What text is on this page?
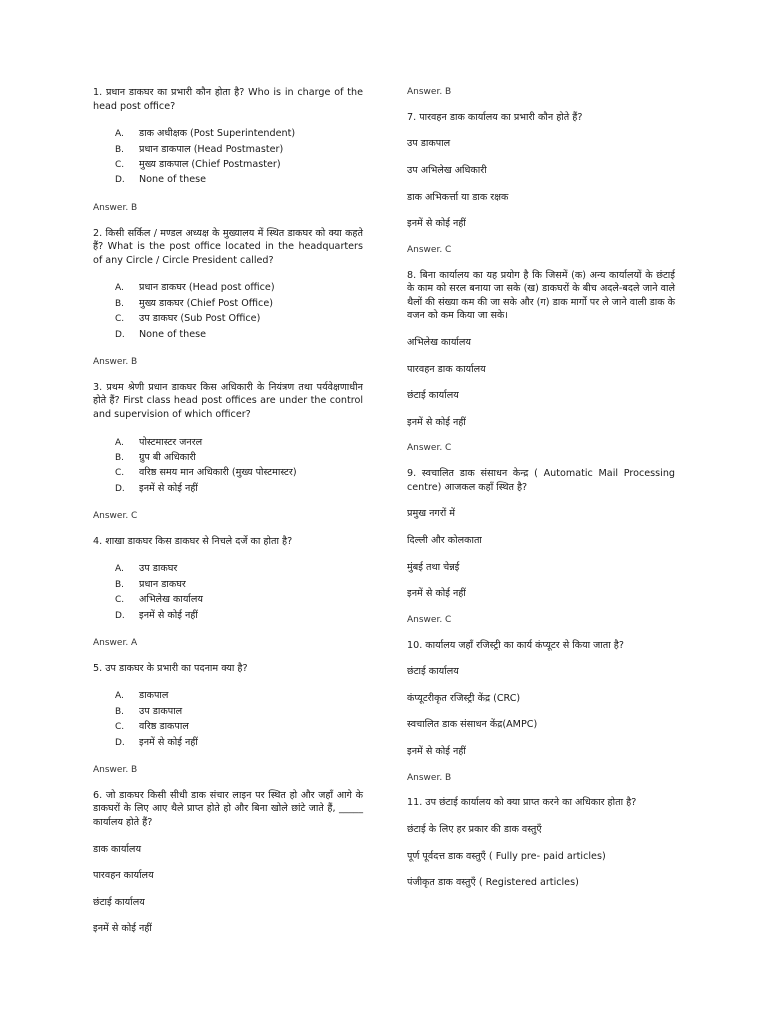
1. प्रधान डाकघर का प्रभारी कौन होता है? Who is in charge of the head post office?

A.	डाक अधीक्षक (Post Superintendent)
B.	प्रधान डाकपाल (Head Postmaster)
C.	मुख्य डाकपाल (Chief Postmaster)
D.	None of these

Answer. B

2. किसी सर्किल / मण्डल अध्यक्ष के मुख्यालय में स्थित डाकघर को क्या कहते हैं? What is the post office located in the headquarters of any Circle / Circle President called?

A.	प्रधान डाकघर (Head post office)
B.	मुख्य डाकघर (Chief Post Office)
C.	उप डाकघर (Sub Post Office)
D.	None of these

Answer. B

3. प्रथम श्रेणी प्रधान डाकघर किस अधिकारी के नियंत्रण तथा पर्यवेक्षणाधीन होते हैं? First class head post offices are under the control and supervision of which officer?

A.	पोस्टमास्टर जनरल
B.	ग्रुप बी अधिकारी
C.	वरिष्ठ समय मान अधिकारी (मुख्य पोस्टमास्टर)
D.	इनमें से कोई नहीं

Answer. C

4. शाखा डाकघर किस डाकघर से निचले दर्जे का होता है?

A.	उप डाकघर
B.	प्रधान डाकघर
C.	अभिलेख कार्यालय
D.	इनमें से कोई नहीं

Answer. A

5. उप डाकघर के प्रभारी का पदनाम क्या है?

A.	डाकपाल
B.	उप डाकपाल
C.	वरिष्ठ डाकपाल
D.	इनमें से कोई नहीं

Answer. B

6. जो डाकघर किसी सीधी डाक संचार लाइन पर स्थित हो और जहाँ आगे के डाकघरों के लिए आए थैले प्राप्त होते हो और बिना खोले छांटे जाते हैं, _____ कार्यालय होते हैं?

डाक कार्यालय

पारवहन कार्यालय

छंटाई कार्यालय

इनमें से कोई नहीं

Answer. B

7. पारवहन डाक कार्यालय का प्रभारी कौन होते हैं?

उप डाकपाल

उप अभिलेख अधिकारी

डाक अभिकर्त्ता या डाक रक्षक

इनमें से कोई नहीं

Answer. C

8. बिना कार्यालय का यह प्रयोग है कि जिसमें (क) अन्य कार्यालयों के छंटाई के काम को सरल बनाया जा सके (ख) डाकघरों के बीच अदले-बदले जाने वाले थैलों की संख्या कम की जा सके और (ग) डाक मार्गो पर ले जाने वाली डाक के वजन को कम किया जा सके।

अभिलेख कार्यालय

पारवहन डाक कार्यालय

छंटाई कार्यालय

इनमें से कोई नहीं

Answer. C

9. स्वचालित डाक संसाधन केन्द्र ( Automatic Mail Processing centre) आजकल कहाँ स्थित है?

प्रमुख नगरों में

दिल्ली और कोलकाता

मुंबई तथा चेन्नई

इनमें से कोई नहीं

Answer. C

10. कार्यालय जहाँ रजिस्ट्री का कार्य कंप्यूटर से किया जाता है?

छंटाई कार्यालय

कंप्यूटरीकृत रजिस्ट्री केंद्र (CRC)

स्वचालित डाक संसाधन केंद्र(AMPC)

इनमें से कोई नहीं

Answer. B

11. उप छंटाई कार्यालय को क्या प्राप्त करने का अधिकार होता है?

छंटाई के लिए हर प्रकार की डाक वस्तुएँ

पूर्ण पूर्वदत्त डाक वस्तुएँ ( Fully pre- paid articles)

पंजीकृत डाक वस्तुएँ ( Registered articles)
